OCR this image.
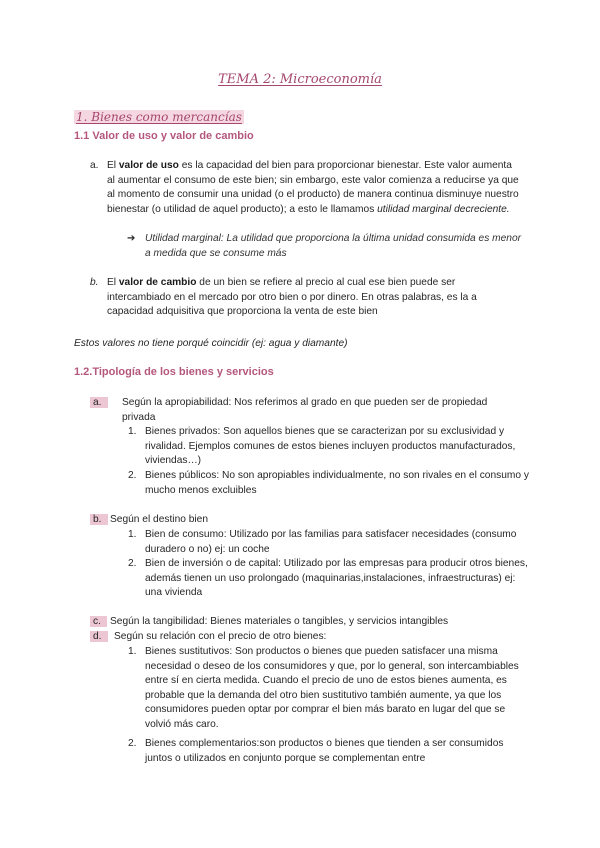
TEMA 2: Microeconomía
1. Bienes como mercancías
1.1 Valor de uso y valor de cambio
a. El valor de uso es la capacidad del bien para proporcionar bienestar. Este valor aumenta al aumentar el consumo de este bien; sin embargo, este valor comienza a reducirse ya que al momento de consumir una unidad (o el producto) de manera continua disminuye nuestro bienestar (o utilidad de aquel producto); a esto le llamamos utilidad marginal decreciente.
➔ Utilidad marginal: La utilidad que proporciona la última unidad consumida es menor a medida que se consume más
b. El valor de cambio de un bien se refiere al precio al cual ese bien puede ser intercambiado en el mercado por otro bien o por dinero. En otras palabras, es la a capacidad adquisitiva que proporciona la venta de este bien
Estos valores no tiene porqué coincidir (ej: agua y diamante)
1.2.Tipología de los bienes y servicios
a.	Según la apropiabilidad: Nos referimos al grado en que pueden ser de propiedad privada
1. Bienes privados: Son aquellos bienes que se caracterizan por su exclusividad y rivalidad. Ejemplos comunes de estos bienes incluyen productos manufacturados, viviendas…)
2. Bienes públicos: No son apropiables individualmente, no son rivales en el consumo y mucho menos excluibles
b. Según el destino bien
1. Bien de consumo: Utilizado por las familias para satisfacer necesidades (consumo duradero o no) ej: un coche
2. Bien de inversión o de capital: Utilizado por las empresas para producir otros bienes, además tienen un uso prolongado (maquinarias,instalaciones, infraestructuras) ej: una vivienda
c. Según la tangibilidad: Bienes materiales o tangibles, y servicios intangibles
d.	Según su relación con el precio de otro bienes:
1. Bienes sustitutivos: Son productos o bienes que pueden satisfacer una misma necesidad o deseo de los consumidores y que, por lo general, son intercambiables entre sí en cierta medida. Cuando el precio de uno de estos bienes aumenta, es probable que la demanda del otro bien sustitutivo también aumente, ya que los consumidores pueden optar por comprar el bien más barato en lugar del que se volvió más caro.
2. Bienes complementarios:son productos o bienes que tienden a ser consumidos juntos o utilizados en conjunto porque se complementan entre
